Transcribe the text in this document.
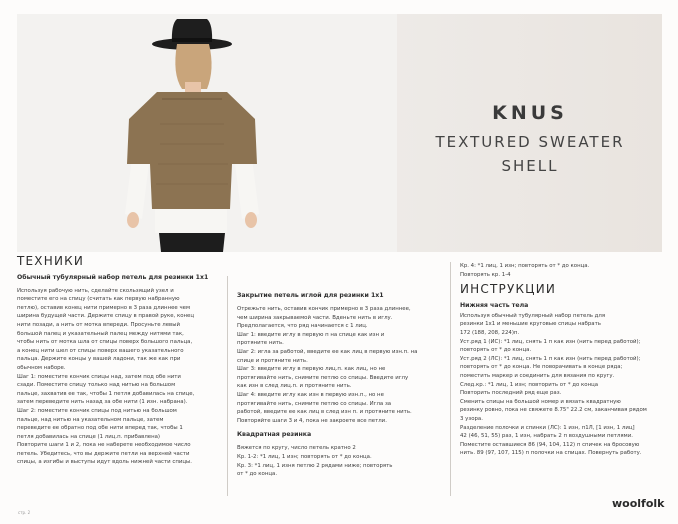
KNUS
TEXTURED SWEATER
SHELL
ТЕХНИКИ
Обычный тубулярный набор петель для резинки 1х1

Используя рабочую нить, сделайте скользящий узел и

поместите его на спицу (считать как первую набранную

петлю), оставив конец нити примерно в 3 раза длиннее чем

ширина будущей части. Держите спицу в правой руке, конец

нити позади, а нить от мотка впереди. Просуньте левый

большой палец и указательный палец между нитями так,

чтобы нить от мотка шла от спицы поверх большого пальца,

а конец нити шел от спицы поверх вашего указательного

пальца. Держите концы у вашей ладони, так же как при

обычном наборе.

Шаг 1: поместите кончик спицы над, затем под обе нити

сзади. Поместите спицу только над нитью на большом

пальце, захватив ее так, чтобы 1 петля добавилась на спице,

затем переведите нить назад за обе нити (1 изн. набрана).

Шаг 2: поместите кончик спицы под нитью на большом

пальце, над нитью на указательном пальце, затем

переведите ее обратно под обе нити вперед так, чтобы 1

петля добавилась на спице (1 лиц.п. прибавлена)

Повторите шаги 1 и 2, пока не наберете необходимое число

петель. Убедитесь, что вы держите петли на верхней части

спицы, а изгибы и выступы идут вдоль нижней части спицы.

Закрытие петель иглой для резинки 1х1

Отрежьте нить, оставив кончик примерно в 3 раза длиннее,

чем ширина закрываемой части. Вденьте нить в иглу.

Предполагается, что ряд начинается с 1 лиц.

Шаг 1: введите иглу в первую п на спице как изн и

протяните нить.

Шаг 2: игла за работой, введите ее как лиц в первую изн.п. на

спице и протяните нить.

Шаг 3: введите иглу в первую лиц.п. как лиц, но не

протягивайте нить, снимите петлю со спицы. Введите иглу

как изн в след лиц.п. и протяните нить.

Шаг 4: введите иглу как изн в первую изн.п., но не

протягивайте нить, снимите петлю со спицы. Игла за

работой, введите ее как лиц в след изн п. и протяните нить.

Повторяйте шаги 3 и 4, пока не закроете все петли.

Квадратная резинка

Вяжется по кругу, число петель кратно 2

Кр. 1-2: *1 лиц, 1 изн; повторять от * до конца.

Кр. 3: *1 лиц, 1 изня петлю 2 рядами ниже; повторять

от * до конца.

Кр. 4: *1 лиц, 1 изн; повторять от * до конца.

Повторять кр. 1-4

ИНСТРУКЦИИ
Нижняя часть тела

Используя обычный тубулярный набор петель для

резинки 1х1 и меньшие круговые спицы набрать

172 (188, 208, 224)п.

Уст.ряд 1 (ИС): *1 лиц, снять 1 п как изн (нить перед работой);

повторять от * до конца.

Уст.ряд 2 (ЛС): *1 лиц, снять 1 п как изн (нить перед работой);

повторять от * до конца. Не поворачивать в конце ряда;

поместить маркер и соединить для вязания по кругу.

След.кр.: *1 лиц, 1 изн; повторить от * до конца

Повторить последний ряд еще раз.

Сменить спицы на большой номер и вязать квадратную

резинку ровно, пока не свяжете 8.75" 22.2 см, заканчивая рядом

3 узора.

Разделение полочки и спинки (ЛС): 1 изн, п1Л, [1 изн, 1 лиц]

42 (46, 51, 55) раз, 1 изн, набрать 2 п воздушными петлями.

Поместите оставшиеся 86 (94, 104, 112) п спичек на бросовую

нить. 89 (97, 107, 115) п полочки на спицах. Повернуть работу.

woolfolk
стр. 2
